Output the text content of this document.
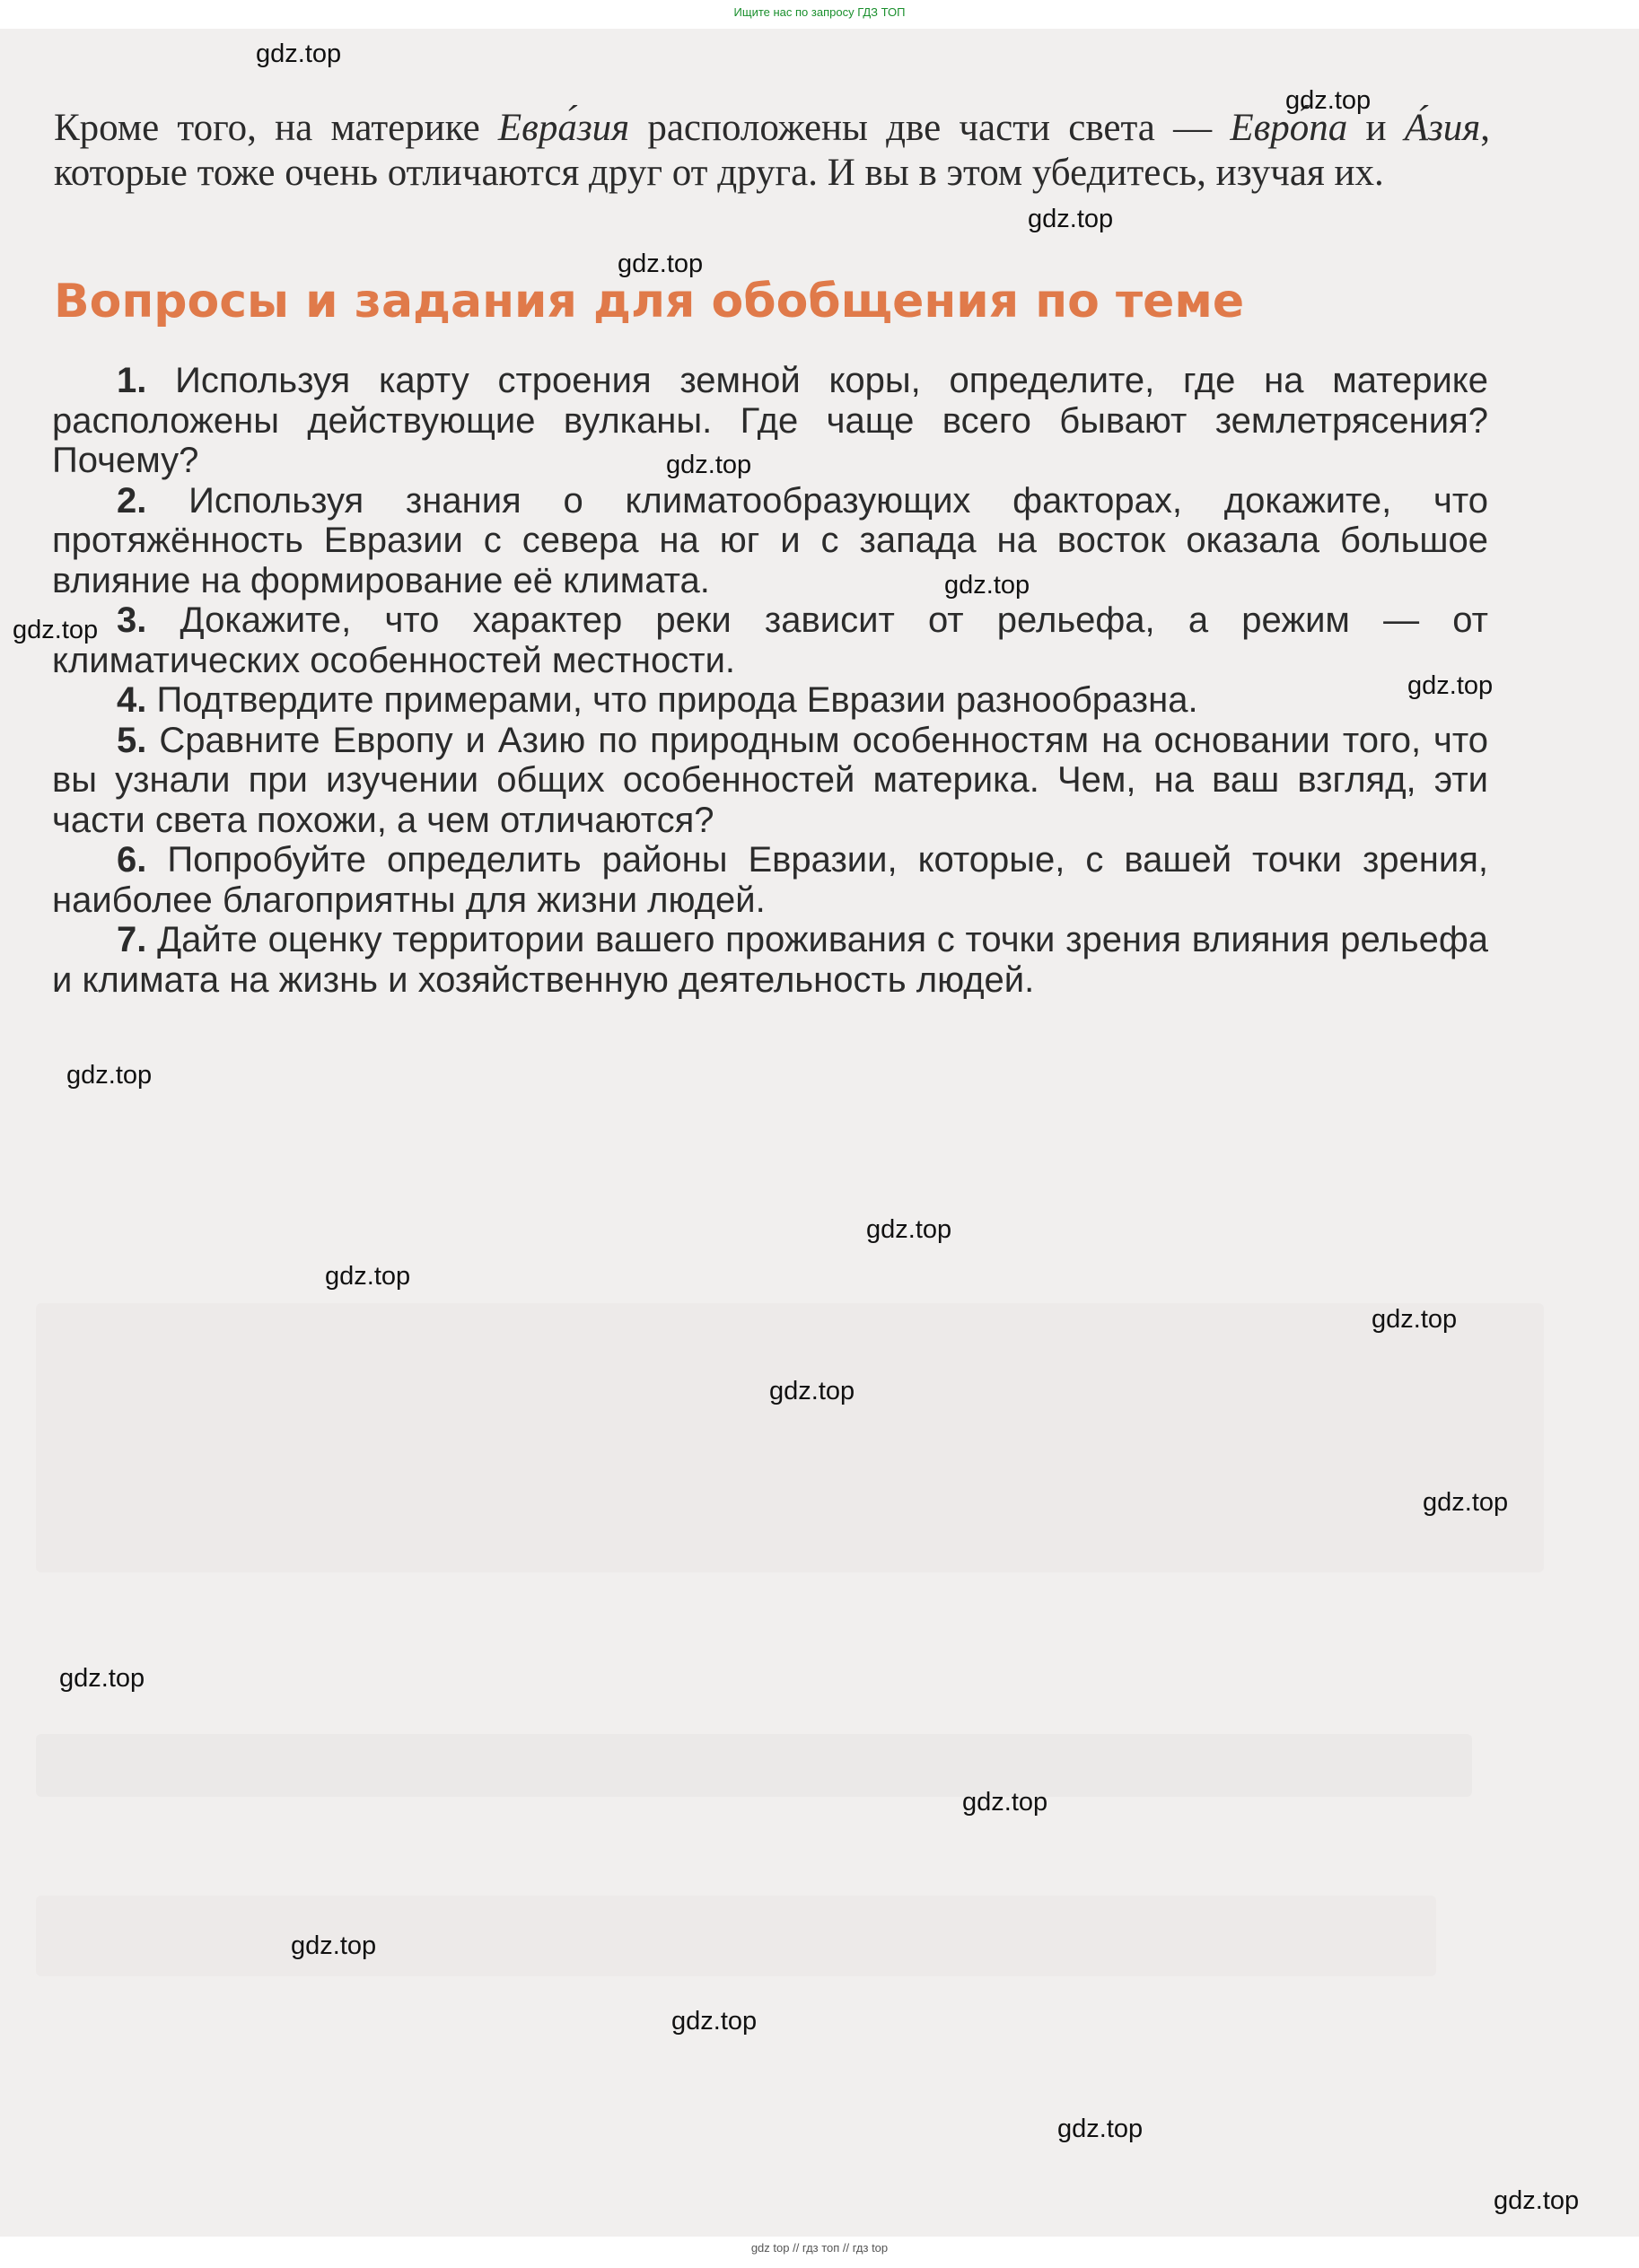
Ищите нас по запросу ГДЗ ТОП
Кроме того, на материке Евра́зия расположены две части света — Евро́па и А́зия, которые тоже очень отличаются друг от друга. И вы в этом убедитесь, изучая их.
Вопросы и задания для обобщения по теме

1. Используя карту строения земной коры, определите, где на материке расположены действующие вулканы. Где чаще всего бывают землетрясения? Почему?

2. Используя знания о климатообразующих факторах, докажите, что протяжённость Евразии с севера на юг и с запада на восток оказала большое влияние на формирование её климата.

3. Докажите, что характер реки зависит от рельефа, а режим — от климатических особенностей местности.

4. Подтвердите примерами, что природа Евразии разнообразна.

5. Сравните Европу и Азию по природным особенностям на основании того, что вы узнали при изучении общих особенностей материка. Чем, на ваш взгляд, эти части света похожи, а чем отличаются?

6. Попробуйте определить районы Евразии, которые, с вашей точки зрения, наиболее благоприятны для жизни людей.

7. Дайте оценку территории вашего проживания с точки зрения влияния рельефа и климата на жизнь и хозяйственную деятельность людей.

gdz.top
gdz.top
gdz.top
gdz.top
gdz.top
gdz.top
gdz.top
gdz.top
gdz.top
gdz.top
gdz.top
gdz.top
gdz.top
gdz.top
gdz.top
gdz.top
gdz.top
gdz.top
gdz.top
gdz.top
gdz top // гдз топ // гдз top
